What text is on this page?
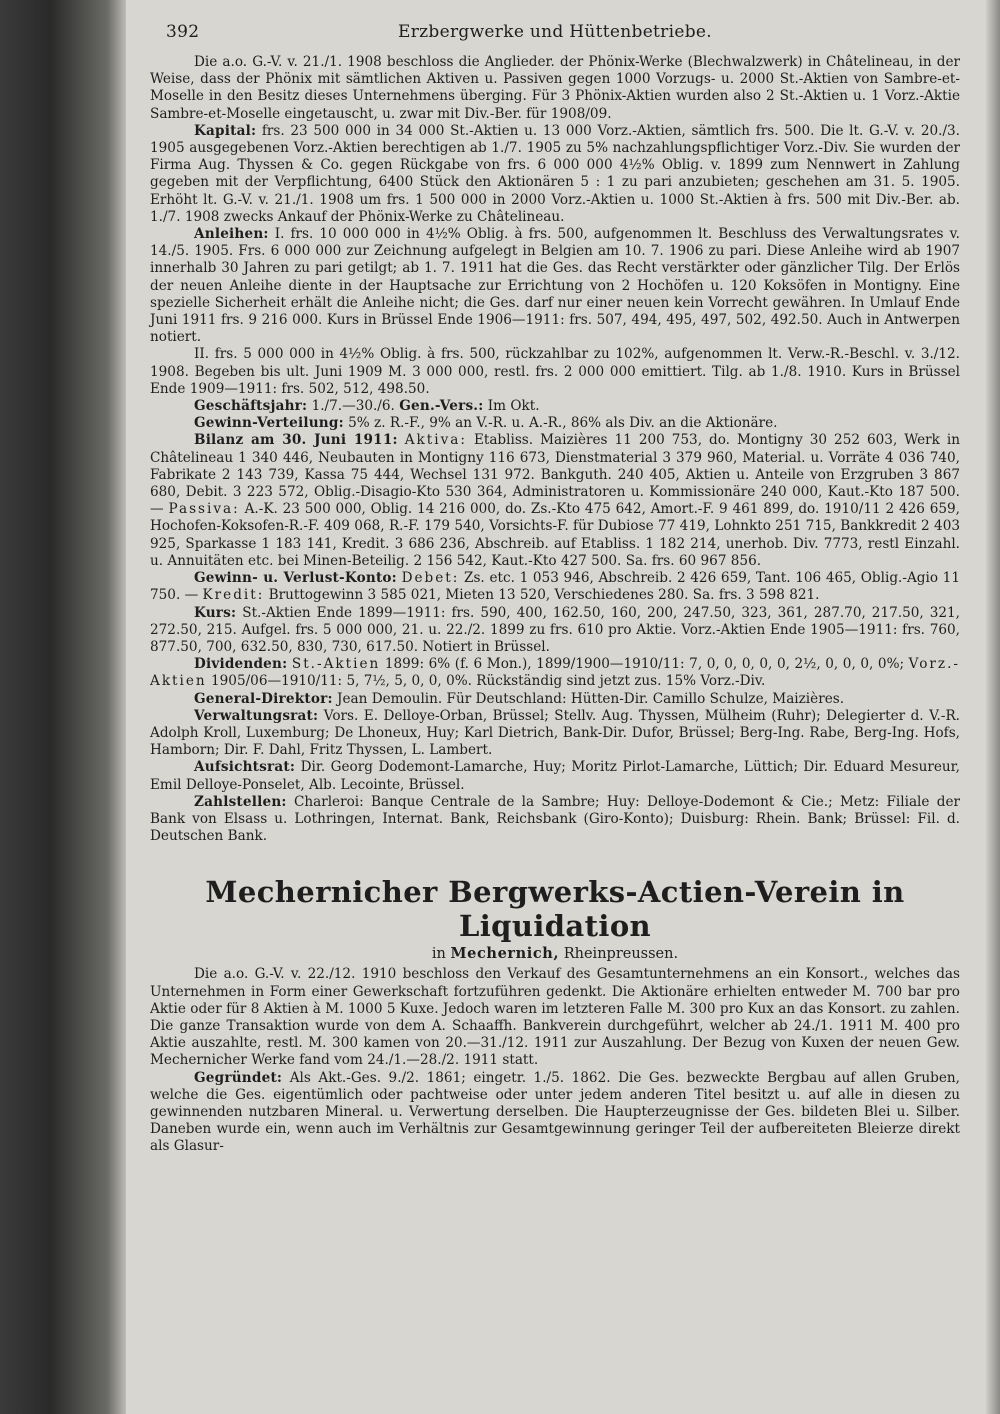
392	Erzbergwerke und Hüttenbetriebe.

Die a.o. G.-V. v. 21./1. 1908 beschloss die Anglieder. der Phönix-Werke (Blechwalzwerk) in Châtelineau, in der Weise, dass der Phönix mit sämtlichen Aktiven u. Passiven gegen 1000 Vorzugs- u. 2000 St.-Aktien von Sambre-et-Moselle in den Besitz dieses Unternehmens überging. Für 3 Phönix-Aktien wurden also 2 St.-Aktien u. 1 Vorz.-Aktie Sambre-et-Moselle eingetauscht, u. zwar mit Div.-Ber. für 1908/09.

Kapital: frs. 23 500 000 in 34 000 St.-Aktien u. 13 000 Vorz.-Aktien, sämtlich frs. 500. Die lt. G.-V. v. 20./3. 1905 ausgegebenen Vorz.-Aktien berechtigen ab 1./7. 1905 zu 5% nachzahlungspflichtiger Vorz.-Div. Sie wurden der Firma Aug. Thyssen & Co. gegen Rückgabe von frs. 6 000 000 4½% Oblig. v. 1899 zum Nennwert in Zahlung gegeben mit der Verpflichtung, 6400 Stück den Aktionären 5 : 1 zu pari anzubieten; geschehen am 31. 5. 1905. Erhöht lt. G.-V. v. 21./1. 1908 um frs. 1 500 000 in 2000 Vorz.-Aktien u. 1000 St.-Aktien à frs. 500 mit Div.-Ber. ab. 1./7. 1908 zwecks Ankauf der Phönix-Werke zu Châtelineau.

Anleihen: I. frs. 10 000 000 in 4½% Oblig. à frs. 500, aufgenommen lt. Beschluss des Verwaltungsrates v. 14./5. 1905. Frs. 6 000 000 zur Zeichnung aufgelegt in Belgien am 10. 7. 1906 zu pari. Diese Anleihe wird ab 1907 innerhalb 30 Jahren zu pari getilgt; ab 1. 7. 1911 hat die Ges. das Recht verstärkter oder gänzlicher Tilg. Der Erlös der neuen Anleihe diente in der Hauptsache zur Errichtung von 2 Hochöfen u. 120 Koksöfen in Montigny. Eine spezielle Sicherheit erhält die Anleihe nicht; die Ges. darf nur einer neuen kein Vorrecht gewähren. In Umlauf Ende Juni 1911 frs. 9 216 000. Kurs in Brüssel Ende 1906—1911: frs. 507, 494, 495, 497, 502, 492.50. Auch in Antwerpen notiert.

II. frs. 5 000 000 in 4½% Oblig. à frs. 500, rückzahlbar zu 102%, aufgenommen lt. Verw.-R.-Beschl. v. 3./12. 1908. Begeben bis ult. Juni 1909 M. 3 000 000, restl. frs. 2 000 000 emittiert. Tilg. ab 1./8. 1910. Kurs in Brüssel Ende 1909—1911: frs. 502, 512, 498.50.

Geschäftsjahr: 1./7.—30./6. Gen.-Vers.: Im Okt.

Gewinn-Verteilung: 5% z. R.-F., 9% an V.-R. u. A.-R., 86% als Div. an die Aktionäre.

Bilanz am 30. Juni 1911: Aktiva: Etabliss. Maizières 11 200 753, do. Montigny 30 252 603, Werk in Châtelineau 1 340 446, Neubauten in Montigny 116 673, Dienstmaterial 3 379 960, Material. u. Vorräte 4 036 740, Fabrikate 2 143 739, Kassa 75 444, Wechsel 131 972. Bankguth. 240 405, Aktien u. Anteile von Erzgruben 3 867 680, Debit. 3 223 572, Oblig.-Disagio-Kto 530 364, Administratoren u. Kommissionäre 240 000, Kaut.-Kto 187 500. — Passiva: A.-K. 23 500 000, Oblig. 14 216 000, do. Zs.-Kto 475 642, Amort.-F. 9 461 899, do. 1910/11 2 426 659, Hochofen-Koksofen-R.-F. 409 068, R.-F. 179 540, Vorsichts-F. für Dubiose 77 419, Lohnkto 251 715, Bankkredit 2 403 925, Sparkasse 1 183 141, Kredit. 3 686 236, Abschreib. auf Etabliss. 1 182 214, unerhob. Div. 7773, restl Einzahl. u. Annuitäten etc. bei Minen-Beteilig. 2 156 542, Kaut.-Kto 427 500. Sa. frs. 60 967 856.

Gewinn- u. Verlust-Konto: Debet: Zs. etc. 1 053 946, Abschreib. 2 426 659, Tant. 106 465, Oblig.-Agio 11 750. — Kredit: Bruttogewinn 3 585 021, Mieten 13 520, Verschiedenes 280. Sa. frs. 3 598 821.

Kurs: St.-Aktien Ende 1899—1911: frs. 590, 400, 162.50, 160, 200, 247.50, 323, 361, 287.70, 217.50, 321, 272.50, 215. Aufgel. frs. 5 000 000, 21. u. 22./2. 1899 zu frs. 610 pro Aktie. Vorz.-Aktien Ende 1905—1911: frs. 760, 877.50, 700, 632.50, 830, 730, 617.50. Notiert in Brüssel.

Dividenden: St.-Aktien 1899: 6% (f. 6 Mon.), 1899/1900—1910/11: 7, 0, 0, 0, 0, 0, 2½, 0, 0, 0, 0%; Vorz.-Aktien 1905/06—1910/11: 5, 7½, 5, 0, 0, 0%. Rückständig sind jetzt zus. 15% Vorz.-Div.

General-Direktor: Jean Demoulin. Für Deutschland: Hütten-Dir. Camillo Schulze, Maizières.

Verwaltungsrat: Vors. E. Delloye-Orban, Brüssel; Stellv. Aug. Thyssen, Mülheim (Ruhr); Delegierter d. V.-R. Adolph Kroll, Luxemburg; De Lhoneux, Huy; Karl Dietrich, Bank-Dir. Dufor, Brüssel; Berg-Ing. Rabe, Berg-Ing. Hofs, Hamborn; Dir. F. Dahl, Fritz Thyssen, L. Lambert.

Aufsichtsrat: Dir. Georg Dodemont-Lamarche, Huy; Moritz Pirlot-Lamarche, Lüttich; Dir. Eduard Mesureur, Emil Delloye-Ponselet, Alb. Lecointe, Brüssel.

Zahlstellen: Charleroi: Banque Centrale de la Sambre; Huy: Delloye-Dodemont & Cie.; Metz: Filiale der Bank von Elsass u. Lothringen, Internat. Bank, Reichsbank (Giro-Konto); Duisburg: Rhein. Bank; Brüssel: Fil. d. Deutschen Bank.

Mechernicher Bergwerks-Actien-Verein in Liquidation

in Mechernich, Rheinpreussen.

Die a.o. G.-V. v. 22./12. 1910 beschloss den Verkauf des Gesamtunternehmens an ein Konsort., welches das Unternehmen in Form einer Gewerkschaft fortzuführen gedenkt. Die Aktionäre erhielten entweder M. 700 bar pro Aktie oder für 8 Aktien à M. 1000 5 Kuxe. Jedoch waren im letzteren Falle M. 300 pro Kux an das Konsort. zu zahlen. Die ganze Transaktion wurde von dem A. Schaaffh. Bankverein durchgeführt, welcher ab 24./1. 1911 M. 400 pro Aktie auszahlte, restl. M. 300 kamen von 20.—31./12. 1911 zur Auszahlung. Der Bezug von Kuxen der neuen Gew. Mechernicher Werke fand vom 24./1.—28./2. 1911 statt.

Gegründet: Als Akt.-Ges. 9./2. 1861; eingetr. 1./5. 1862. Die Ges. bezweckte Bergbau auf allen Gruben, welche die Ges. eigentümlich oder pachtweise oder unter jedem anderen Titel besitzt u. auf alle in diesen zu gewinnenden nutzbaren Mineral. u. Verwertung derselben. Die Haupterzeugnisse der Ges. bildeten Blei u. Silber. Daneben wurde ein, wenn auch im Verhältnis zur Gesamtgewinnung geringer Teil der aufbereiteten Bleierze direkt als Glasur-
